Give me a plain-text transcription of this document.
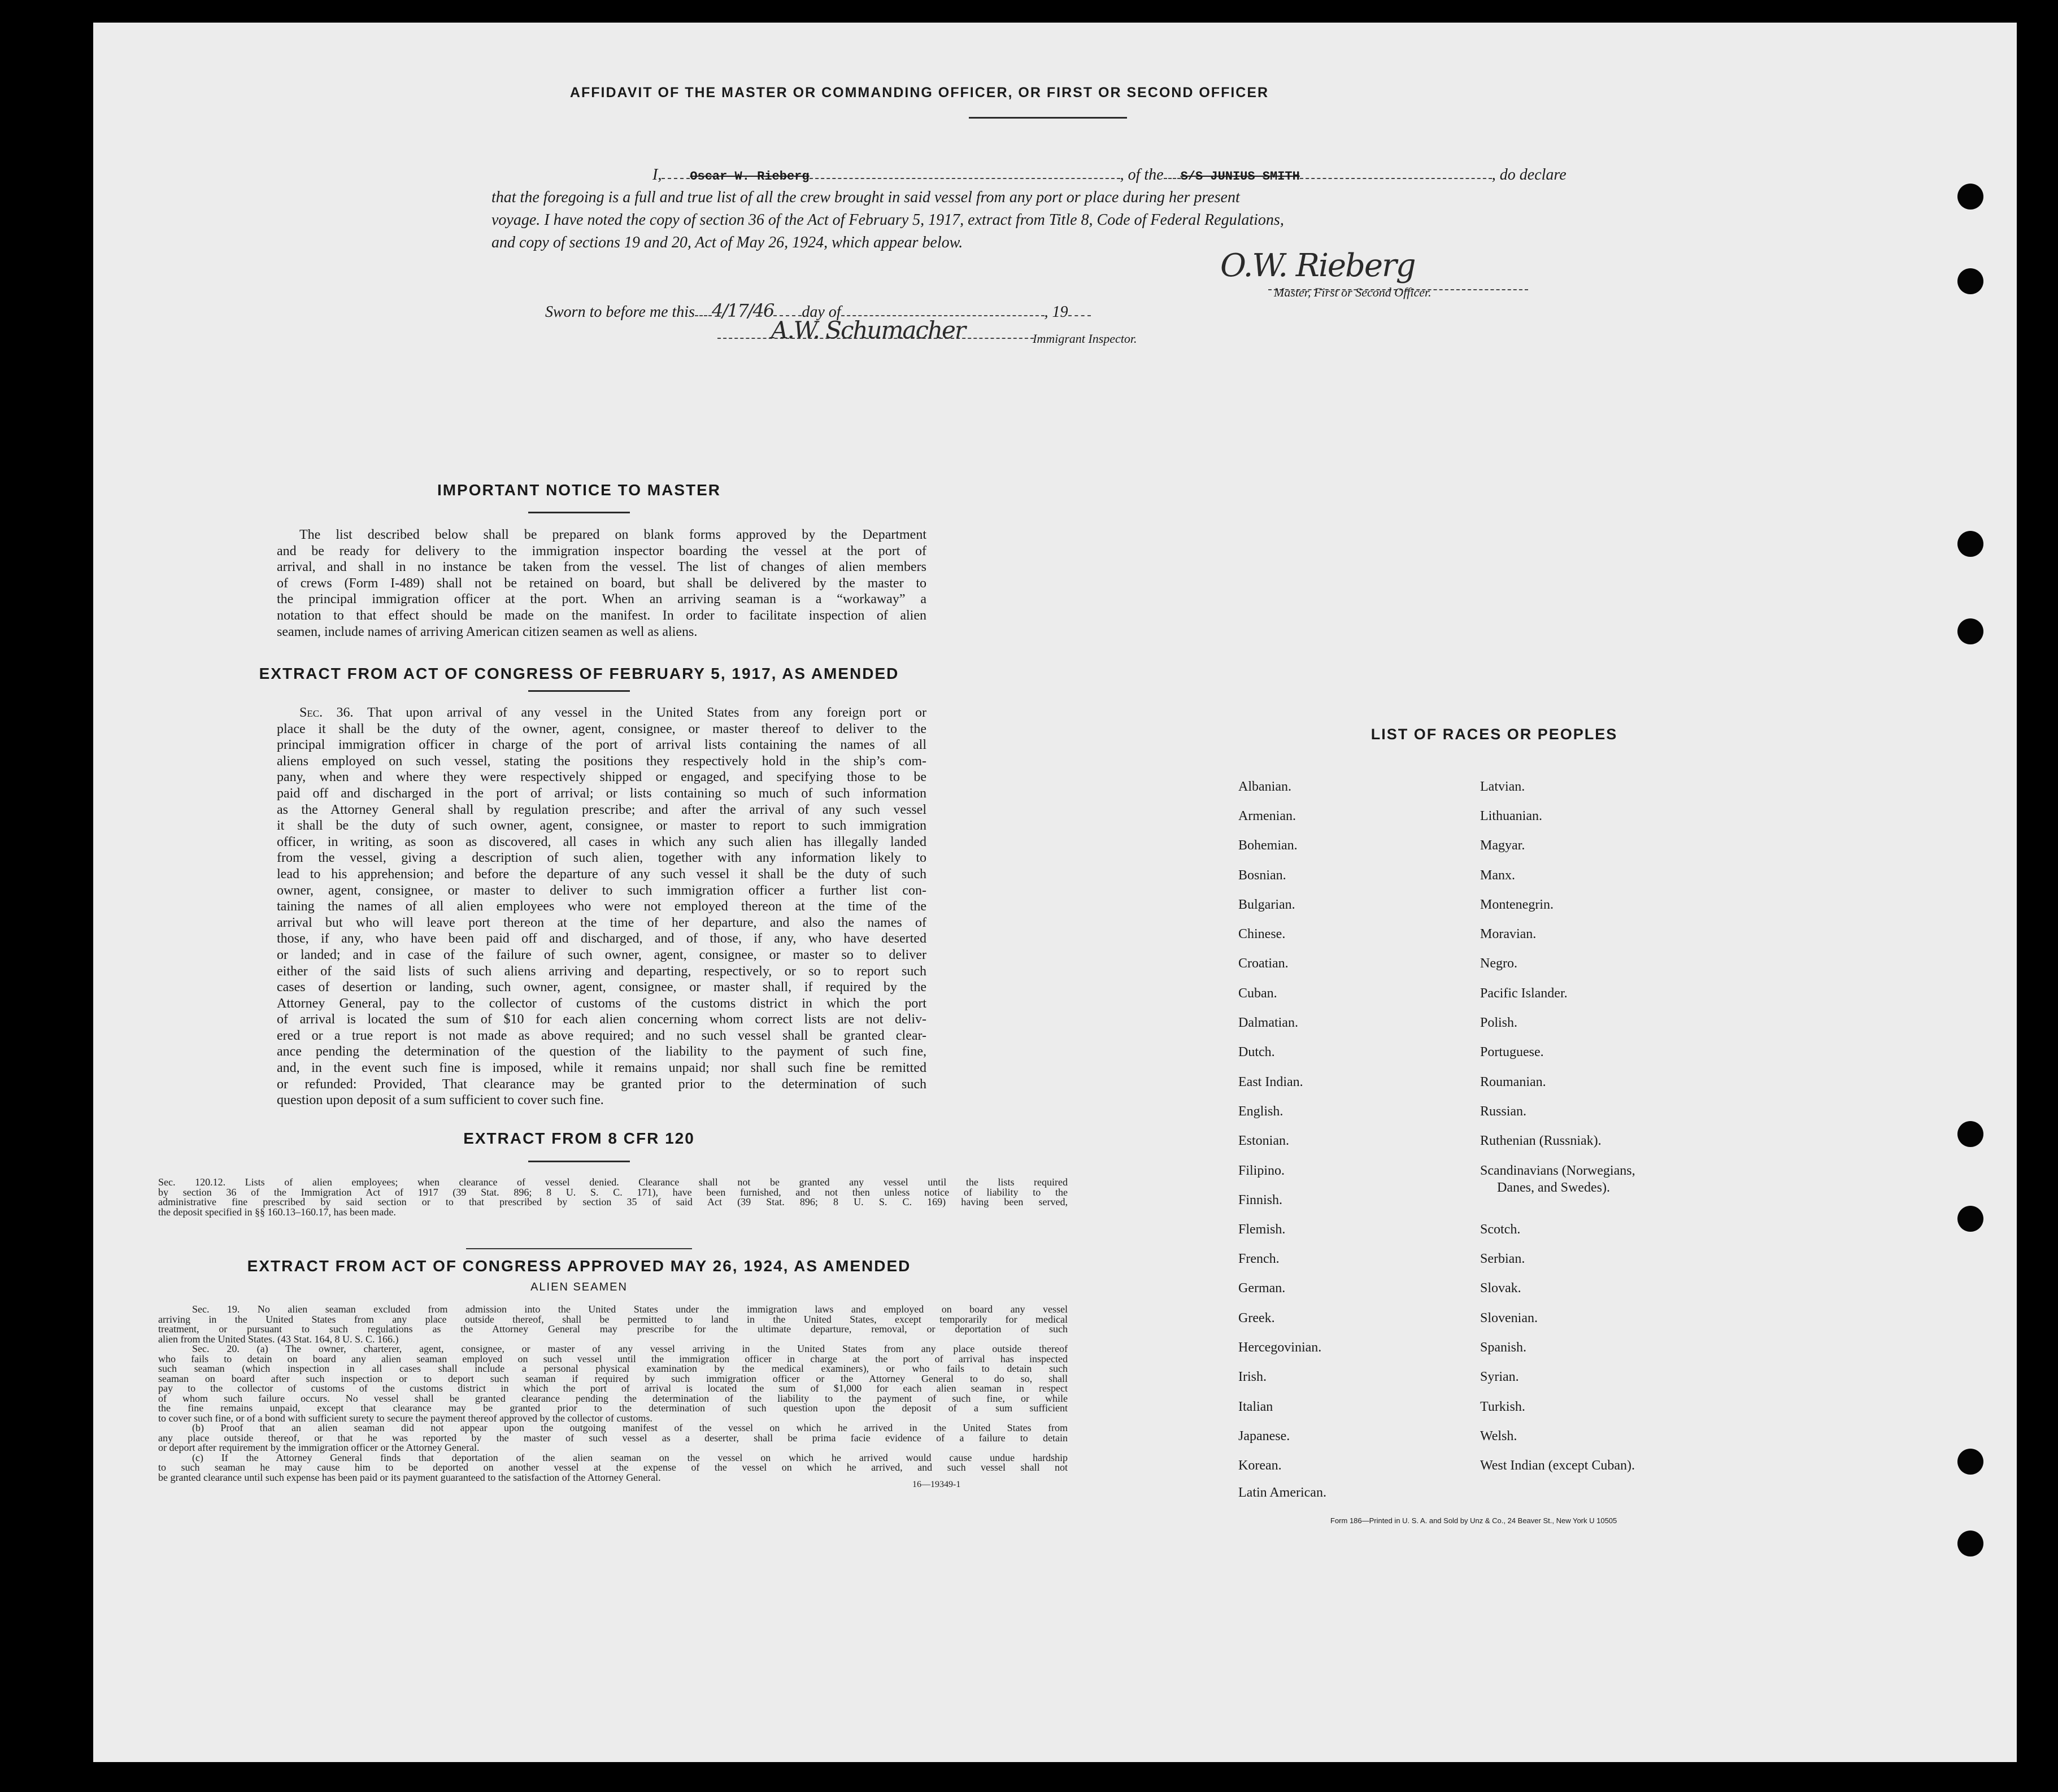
AFFIDAVIT OF THE MASTER OR COMMANDING OFFICER, OR FIRST OR SECOND OFFICER
I, Oscar W. Rieberg	, of the S/S JUNIUS SMITH	, do declare
that the foregoing is a full and true list of all the crew brought in said vessel from any port or place during her present
voyage. I have noted the copy of section 36 of the Act of February 5, 1917, extract from Title 8, Code of Federal Regulations,
and copy of sections 19 and 20, Act of May 26, 1924, which appear below.
O.W. Rieberg
Master, First or Second Officer.
Sworn to before me this 4/17/46 day of	, 19
A.W. Schumacher	Immigrant Inspector.
IMPORTANT NOTICE TO MASTER
The list described below shall be prepared on blank forms approved by the Department
and be ready for delivery to the immigration inspector boarding the vessel at the port of
arrival, and shall in no instance be taken from the vessel. The list of changes of alien members
of crews (Form I-489) shall not be retained on board, but shall be delivered by the master to
the principal immigration officer at the port. When an arriving seaman is a “workaway” a
notation to that effect should be made on the manifest. In order to facilitate inspection of alien
seamen, include names of arriving American citizen seamen as well as aliens.
EXTRACT FROM ACT OF CONGRESS OF FEBRUARY 5, 1917, AS AMENDED
Sec. 36. That upon arrival of any vessel in the United States from any foreign port or
place it shall be the duty of the owner, agent, consignee, or master thereof to deliver to the
principal immigration officer in charge of the port of arrival lists containing the names of all
aliens employed on such vessel, stating the positions they respectively hold in the ship’s com-
pany, when and where they were respectively shipped or engaged, and specifying those to be
paid off and discharged in the port of arrival; or lists containing so much of such information
as the Attorney General shall by regulation prescribe; and after the arrival of any such vessel
it shall be the duty of such owner, agent, consignee, or master to report to such immigration
officer, in writing, as soon as discovered, all cases in which any such alien has illegally landed
from the vessel, giving a description of such alien, together with any information likely to
lead to his apprehension; and before the departure of any such vessel it shall be the duty of such
owner, agent, consignee, or master to deliver to such immigration officer a further list con-
taining the names of all alien employees who were not employed thereon at the time of the
arrival but who will leave port thereon at the time of her departure, and also the names of
those, if any, who have been paid off and discharged, and of those, if any, who have deserted
or landed; and in case of the failure of such owner, agent, consignee, or master so to deliver
either of the said lists of such aliens arriving and departing, respectively, or so to report such
cases of desertion or landing, such owner, agent, consignee, or master shall, if required by the
Attorney General, pay to the collector of customs of the customs district in which the port
of arrival is located the sum of $10 for each alien concerning whom correct lists are not deliv-
ered or a true report is not made as above required; and no such vessel shall be granted clear-
ance pending the determination of the question of the liability to the payment of such fine,
and, in the event such fine is imposed, while it remains unpaid; nor shall such fine be remitted
or refunded: Provided, That clearance may be granted prior to the determination of such
question upon deposit of a sum sufficient to cover such fine.
EXTRACT FROM 8 CFR 120
Sec. 120.12. Lists of alien employees; when clearance of vessel denied. Clearance shall not be granted any vessel until the lists required
by section 36 of the Immigration Act of 1917 (39 Stat. 896; 8 U. S. C. 171), have been furnished, and not then unless notice of liability to the
administrative fine prescribed by said section or to that prescribed by section 35 of said Act (39 Stat. 896; 8 U. S. C. 169) having been served,
the deposit specified in §§ 160.13–160.17, has been made.
EXTRACT FROM ACT OF CONGRESS APPROVED MAY 26, 1924, AS AMENDED
ALIEN SEAMEN
Sec. 19. No alien seaman excluded from admission into the United States under the immigration laws and employed on board any vessel
arriving in the United States from any place outside thereof, shall be permitted to land in the United States, except temporarily for medical
treatment, or pursuant to such regulations as the Attorney General may prescribe for the ultimate departure, removal, or deportation of such
alien from the United States. (43 Stat. 164, 8 U. S. C. 166.)
Sec. 20. (a) The owner, charterer, agent, consignee, or master of any vessel arriving in the United States from any place outside thereof
who fails to detain on board any alien seaman employed on such vessel until the immigration officer in charge at the port of arrival has inspected
such seaman (which inspection in all cases shall include a personal physical examination by the medical examiners), or who fails to detain such
seaman on board after such inspection or to deport such seaman if required by such immigration officer or the Attorney General to do so, shall
pay to the collector of customs of the customs district in which the port of arrival is located the sum of $1,000 for each alien seaman in respect
of whom such failure occurs. No vessel shall be granted clearance pending the determination of the liability to the payment of such fine, or while
the fine remains unpaid, except that clearance may be granted prior to the determination of such question upon the deposit of a sum sufficient
to cover such fine, or of a bond with sufficient surety to secure the payment thereof approved by the collector of customs.
(b) Proof that an alien seaman did not appear upon the outgoing manifest of the vessel on which he arrived in the United States from
any place outside thereof, or that he was reported by the master of such vessel as a deserter, shall be prima facie evidence of a failure to detain
or deport after requirement by the immigration officer or the Attorney General.
(c) If the Attorney General finds that deportation of the alien seaman on the vessel on which he arrived would cause undue hardship
to such seaman he may cause him to be deported on another vessel at the expense of the vessel on which he arrived, and such vessel shall not
be granted clearance until such expense has been paid or its payment guaranteed to the satisfaction of the Attorney General.
16—19349-1
LIST OF RACES OR PEOPLES
Albanian.
Armenian.
Bohemian.
Bosnian.
Bulgarian.
Chinese.
Croatian.
Cuban.
Dalmatian.
Dutch.
East Indian.
English.
Estonian.
Filipino.
Finnish.
Flemish.
French.
German.
Greek.
Hercegovinian.
Irish.
Italian
Japanese.
Korean.
Latin American.
Latvian.
Lithuanian.
Magyar.
Manx.
Montenegrin.
Moravian.
Negro.
Pacific Islander.
Polish.
Portuguese.
Roumanian.
Russian.
Ruthenian (Russniak).
Scandinavians (Norwegians,
Danes, and Swedes).
Scotch.
Serbian.
Slovak.
Slovenian.
Spanish.
Syrian.
Turkish.
Welsh.
West Indian (except Cuban).
Form 186—Printed in U. S. A. and Sold by Unz & Co., 24 Beaver St., New York U 10505
